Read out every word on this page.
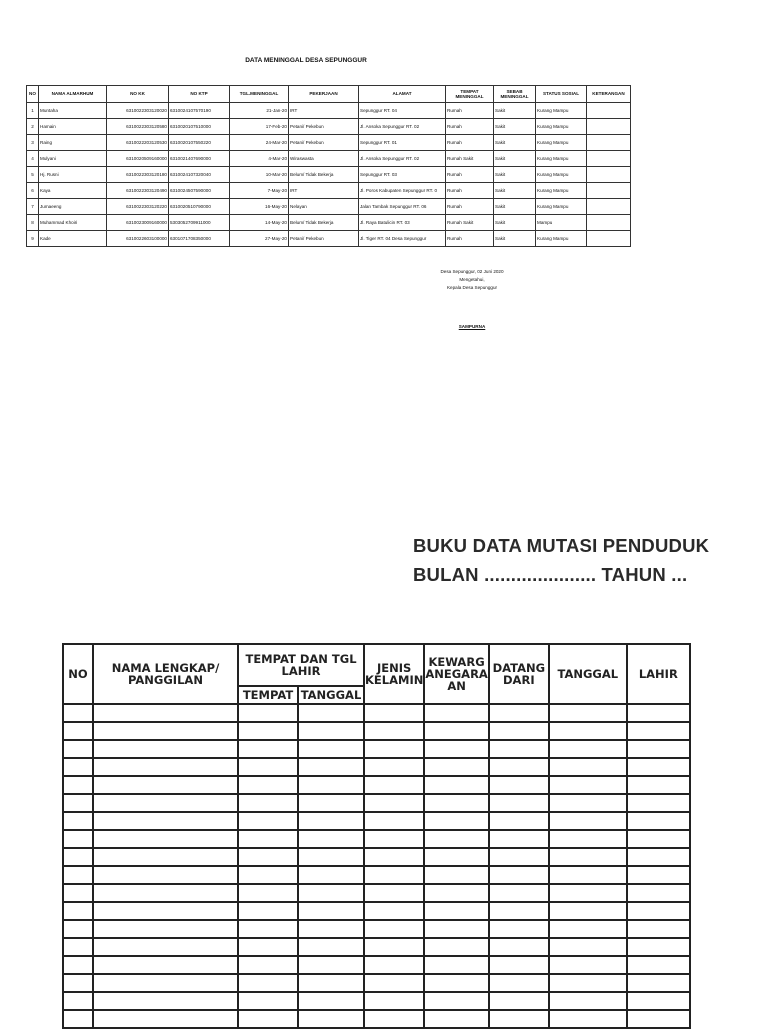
DATA MENINGGAL DESA SEPUNGGUR
NO	NAMA ALMARHUM	NO KK	NO KTP	TGL.MENINGGAL	PEKERJAAN	ALAMAT	TEMPAT MENINGGAL	SEBAB MENINGGAL	STATUS SOSIAL	KETERANGAN
1	Muntaha	6310022303120020	6310024107570190	21-Jan-20	IRT	Sepunggur RT. 04	Rumah	Sakit	Kurang Mampu	
2	Hamain	6310022303120580	6310020107510000	17-Feb-20	Petani/ Pekebun	Jl. Ansoka Sepunggur RT. 02	Rumah	Sakit	Kurang Mampu	
3	Raing	6310022203120530	6310020107550220	24-Mar-20	Petani/ Pekebun	Sepunggur RT. 01	Rumah	Sakit	Kurang Mampu	
4	Mulyani	6310020509160000	6310021407690000	4-Mar-20	Wiraswasta	Jl. Ansoka Sepunggur RT. 02	Rumah Sakit	Sakit	Kurang Mampu	
5	Hj. Rusni	6310022303120180	6310024107320040	10-Mar-20	Belum/ Tidak Bekerja	Sepunggur RT. 03	Rumah	Sakit	Kurang Mampu	
6	Kaya	6310022303120490	6310024507590000	7-May-20	IRT	Jl. Poros Kabupaten Sepunggur RT. 0	Rumah	Sakit	Kurang Mampu	
7	Jumaeeng	6310022303120220	6310020510790000	16-May-20	Nelayan	Jalan Tambak Sepunggur RT. 06	Rumah	Sakit	Kurang Mampu	
8	Muhammad Khoiri	6310023009160000	5303052709911000	14-May-20	Belum/ Tidak Bekerja	Jl. Raya Batulicin RT. 03	Rumah Sakit	Sakit	Mampu	
9	Kade	6310022603100000	6301071708350000	27-May-20	Petani/ Pekebun	Jl. Tiger RT. 04 Desa Sepunggur	Rumah	Sakit	Kurang Mampu	
Desa Sepunggur, 02 Juni 2020
Mengetahui,
Kepala Desa Sepunggur
SAMPURNA
BUKU DATA MUTASI PENDUDUK
BULAN ..................... TAHUN ...
NO	NAMA LENGKAP/ PANGGILAN	TEMPAT DAN TGL LAHIR		JENIS KELAMIN	KEWARG ANEGARA AN	DATANG DARI	TANGGAL	LAHIR
		TEMPAT	TANGGAL					
